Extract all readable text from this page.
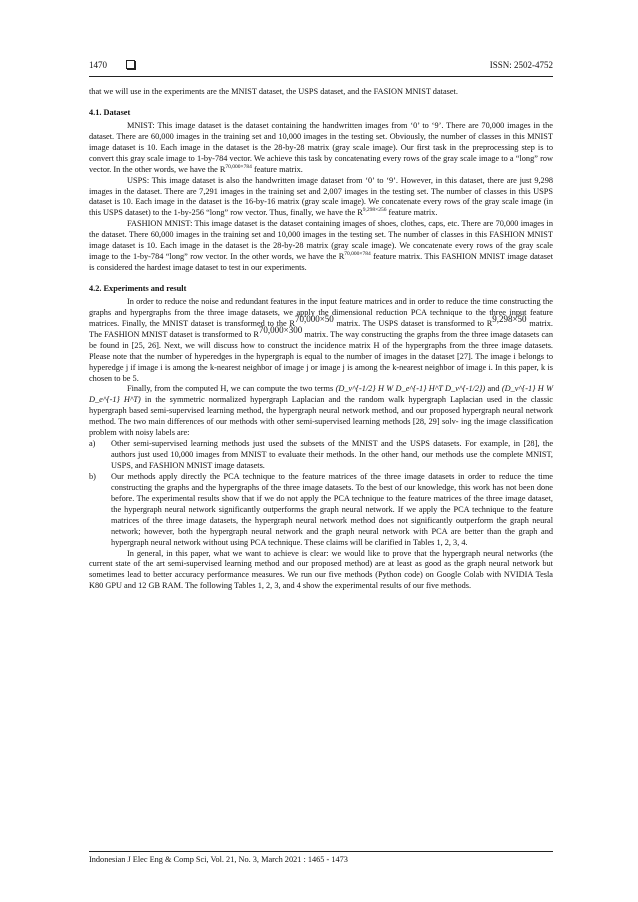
1470	ISSN: 2502-4752

that we will use in the experiments are the MNIST dataset, the USPS dataset, and the FASION MNIST dataset.

4.1. Dataset

MNIST: This image dataset is the dataset containing the handwritten images from ‘0’ to ‘9’. There are 70,000 images in the dataset. There are 60,000 images in the training set and 10,000 images in the testing set. Obviously, the number of classes in this MNIST image dataset is 10. Each image in the dataset is the 28-by-28 matrix (gray scale image). Our first task in the preprocessing step is to convert this gray scale image to 1-by-784 vector. We achieve this task by concatenating every rows of the gray scale image to a “long” row vector. In the other words, we have the $R^{70,000\times 784}$ feature matrix.

USPS: This image dataset is also the handwritten image dataset from ‘0’ to ‘9’. However, in this dataset, there are just 9,298 images in the dataset. There are 7,291 images in the training set and 2,007 images in the testing set. The number of classes in this USPS dataset is 10. Each image in the dataset is the 16-by-16 matrix (gray scale image). We concatenate every rows of the gray scale image (in this USPS dataset) to the 1-by-256 “long” row vector. Thus, finally, we have the $R^{9,298\times 256}$ feature matrix.

FASHION MNIST: This image dataset is the dataset containing images of shoes, clothes, caps, etc. There are 70,000 images in the dataset. There 60,000 images in the training set and 10,000 images in the testing set. The number of classes in this FASHION MNIST image dataset is 10. Each image in the dataset is the 28-by-28 matrix (gray scale image). We concatenate every rows of the gray scale image to the 1-by-784 “long” row vector. In the other words, we have the $R^{70,000\times 784}$ feature matrix. This FASHION MNIST image dataset is considered the hardest image dataset to test in our experiments.

4.2. Experiments and result

In order to reduce the noise and redundant features in the input feature matrices and in order to reduce the time constructing the graphs and hypergraphs from the three image datasets, we apply the dimensional reduction PCA technique to the three input feature matrices. Finally, the MNIST dataset is transformed to the $R^{70,000\times 50}$ matrix. The USPS dataset is transformed to $R^{9,298\times 50}$ matrix. The FASHION MNIST dataset is transformed to $R^{70,000\times 300}$ matrix. The way constructing the graphs from the three image datasets can be found in [25, 26]. Next, we will discuss how to construct the incidence matrix H of the hypergraphs from the three image datasets. Please note that the number of hyperedges in the hypergraph is equal to the number of images in the dataset [27]. The image i belongs to hyperedge j if image i is among the k-nearest neighbor of image j or image j is among the k-nearest neighbor of image i. In this paper, k is chosen to be 5.

Finally, from the computed H, we can compute the two terms (D_v^{-1/2} H W D_e^{-1} H^T D_v^{-1/2}) and (D_v^{-1} H W D_e^{-1} H^T) in the symmetric normalized hypergraph Laplacian and the random walk hypergraph Laplacian used in the classic hypergraph based semi-supervised learning method, the hypergraph neural network method, and our proposed hypergraph neural network method. The two main differences of our methods with other semi-supervised learning methods [28, 29] solv- ing the image classification problem with noisy labels are:

a)	Other semi-supervised learning methods just used the subsets of the MNIST and the USPS datasets. For example, in [28], the authors just used 10,000 images from MNIST to evaluate their methods. In the other hand, our methods use the complete MNIST, USPS, and FASHION MNIST image datasets.
b)	Our methods apply directly the PCA technique to the feature matrices of the three image datasets in order to reduce the time constructing the graphs and the hypergraphs of the three image datasets. To the best of our knowledge, this work has not been done before. The experimental results show that if we do not apply the PCA technique to the feature matrices of the three image dataset, the hypergraph neural network significantly outperforms the graph neural network. If we apply the PCA technique to the feature matrices of the three image datasets, the hypergraph neural network method does not significantly outperform the graph neural network; however, both the hypergraph neural network and the graph neural network with PCA are better than the graph and hypergraph neural network without using PCA technique. These claims will be clarified in Tables 1, 2, 3, 4.

In general, in this paper, what we want to achieve is clear: we would like to prove that the hypergraph neural networks (the current state of the art semi-supervised learning method and our proposed method) are at least as good as the graph neural network but sometimes lead to better accuracy performance measures. We run our five methods (Python code) on Google Colab with NVIDIA Tesla K80 GPU and 12 GB RAM. The following Tables 1, 2, 3, and 4 show the experimental results of our five methods.

Indonesian J Elec Eng & Comp Sci, Vol. 21, No. 3, March 2021 : 1465 - 1473
